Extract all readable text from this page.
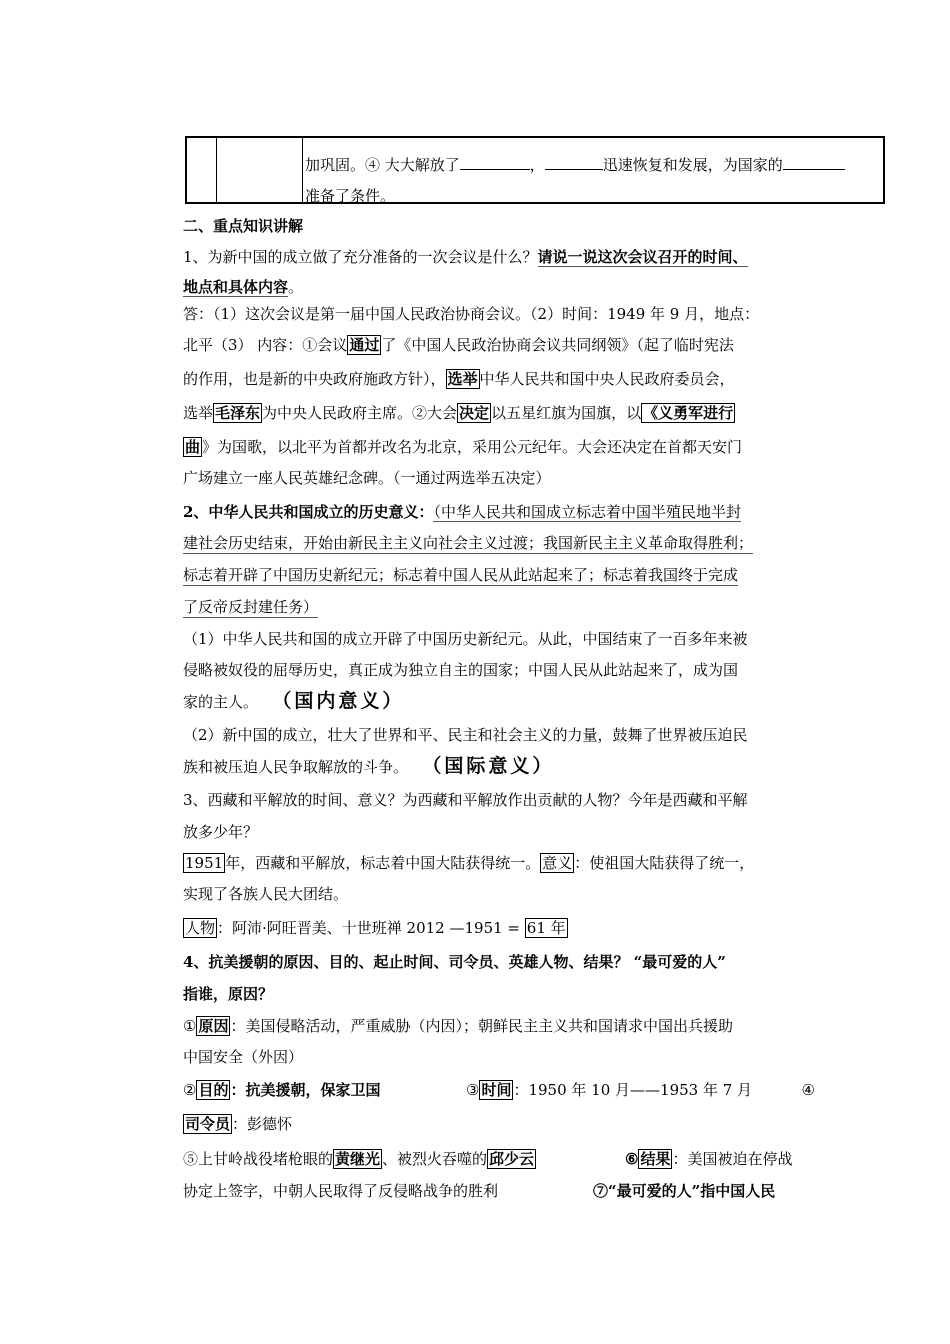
加巩固。④ 大大解放了	，	迅速恢复和发展，为国家的
准备了条件。
二、重点知识讲解
1、为新中国的成立做了充分准备的一次会议是什么？请说一说这次会议召开的时间、
地点和具体内容。
答：（1）这次会议是第一届中国人民政治协商会议。（2）时间：1949 年 9 月，地点：
北平（3） 内容：①会议 通过 了《中国人民政治协商会议共同纲领》（起了临时宪法
的作用，也是新的中央政府施政方针）， 选举 中华人民共和国中央人民政府委员会，
选举 毛泽东 为中央人民政府主席。②大会 决定 以五星红旗为国旗，以 《义勇军进行
曲 》为国歌，以北平为首都并改名为北京，采用公元纪年。大会还决定在首都天安门
广场建立一座人民英雄纪念碑。（一通过两选举五决定）
2、中华人民共和国成立的历史意义：（中华人民共和国成立标志着中国半殖民地半封
建社会历史结束，开始由新民主主义向社会主义过渡；我国新民主主义革命取得胜利；
标志着开辟了中国历史新纪元；标志着中国人民从此站起来了；标志着我国终于完成
了反帝反封建任务）
（1）中华人民共和国的成立开辟了中国历史新纪元。从此，中国结束了一百多年来被
侵略被奴役的屈辱历史，真正成为独立自主的国家；中国人民从此站起来了，成为国
家的主人。 （国内意义）
（2）新中国的成立，壮大了世界和平、民主和社会主义的力量，鼓舞了世界被压迫民
族和被压迫人民争取解放的斗争。 （国际意义）
3、西藏和平解放的时间、意义？为西藏和平解放作出贡献的人物？今年是西藏和平解
放多少年？
1951 年，西藏和平解放，标志着中国大陆获得统一。 意义 ：使祖国大陆获得了统一，
实现了各族人民大团结。
人物 ：阿沛·阿旺晋美、十世班禅 2012 —1951 = 61 年
4、抗美援朝的原因、目的、起止时间、司令员、英雄人物、结果？ “最可爱的人”
指谁，原因？
① 原因 ：美国侵略活动，严重威胁（内因）；朝鲜民主主义共和国请求中国出兵援助
中国安全（外因）
② 目的 ：抗美援朝，保家卫国	③ 时间 ：1950 年 10 月——1953 年 7 月	④
司令员 ：彭德怀
⑤上甘岭战役堵枪眼的 黄继光 、被烈火吞噬的 邱少云	⑥ 结果 ：美国被迫在停战
协定上签字，中朝人民取得了反侵略战争的胜利	⑦“最可爱的人”指中国人民
